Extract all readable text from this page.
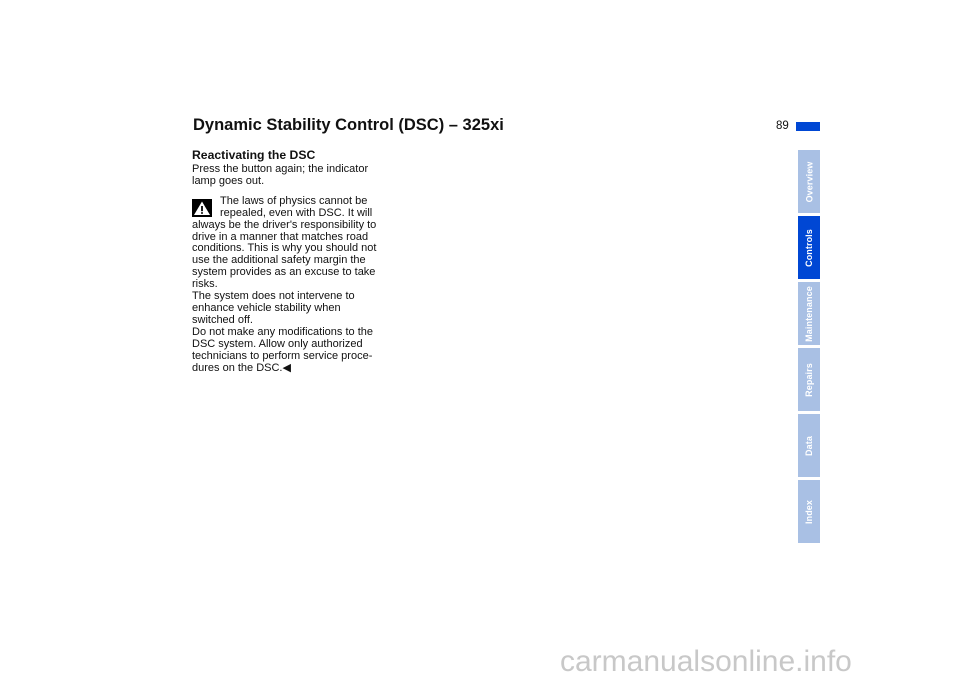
Dynamic Stability Control (DSC) – 325xi	89
Reactivating the DSC

Press the button again; the indicator

lamp goes out.

The laws of physics cannot be

repealed, even with DSC. It will

always be the driver's responsibility to

drive in a manner that matches road

conditions. This is why you should not

use the additional safety margin the

system provides as an excuse to take

risks.

The system does not intervene to

enhance vehicle stability when

switched off.

Do not make any modifications to the

DSC system. Allow only authorized

technicians to perform service proce-

dures on the DSC.◀

Overview
Controls
Maintenance
Repairs
Data
Index
carmanualsonline.info
